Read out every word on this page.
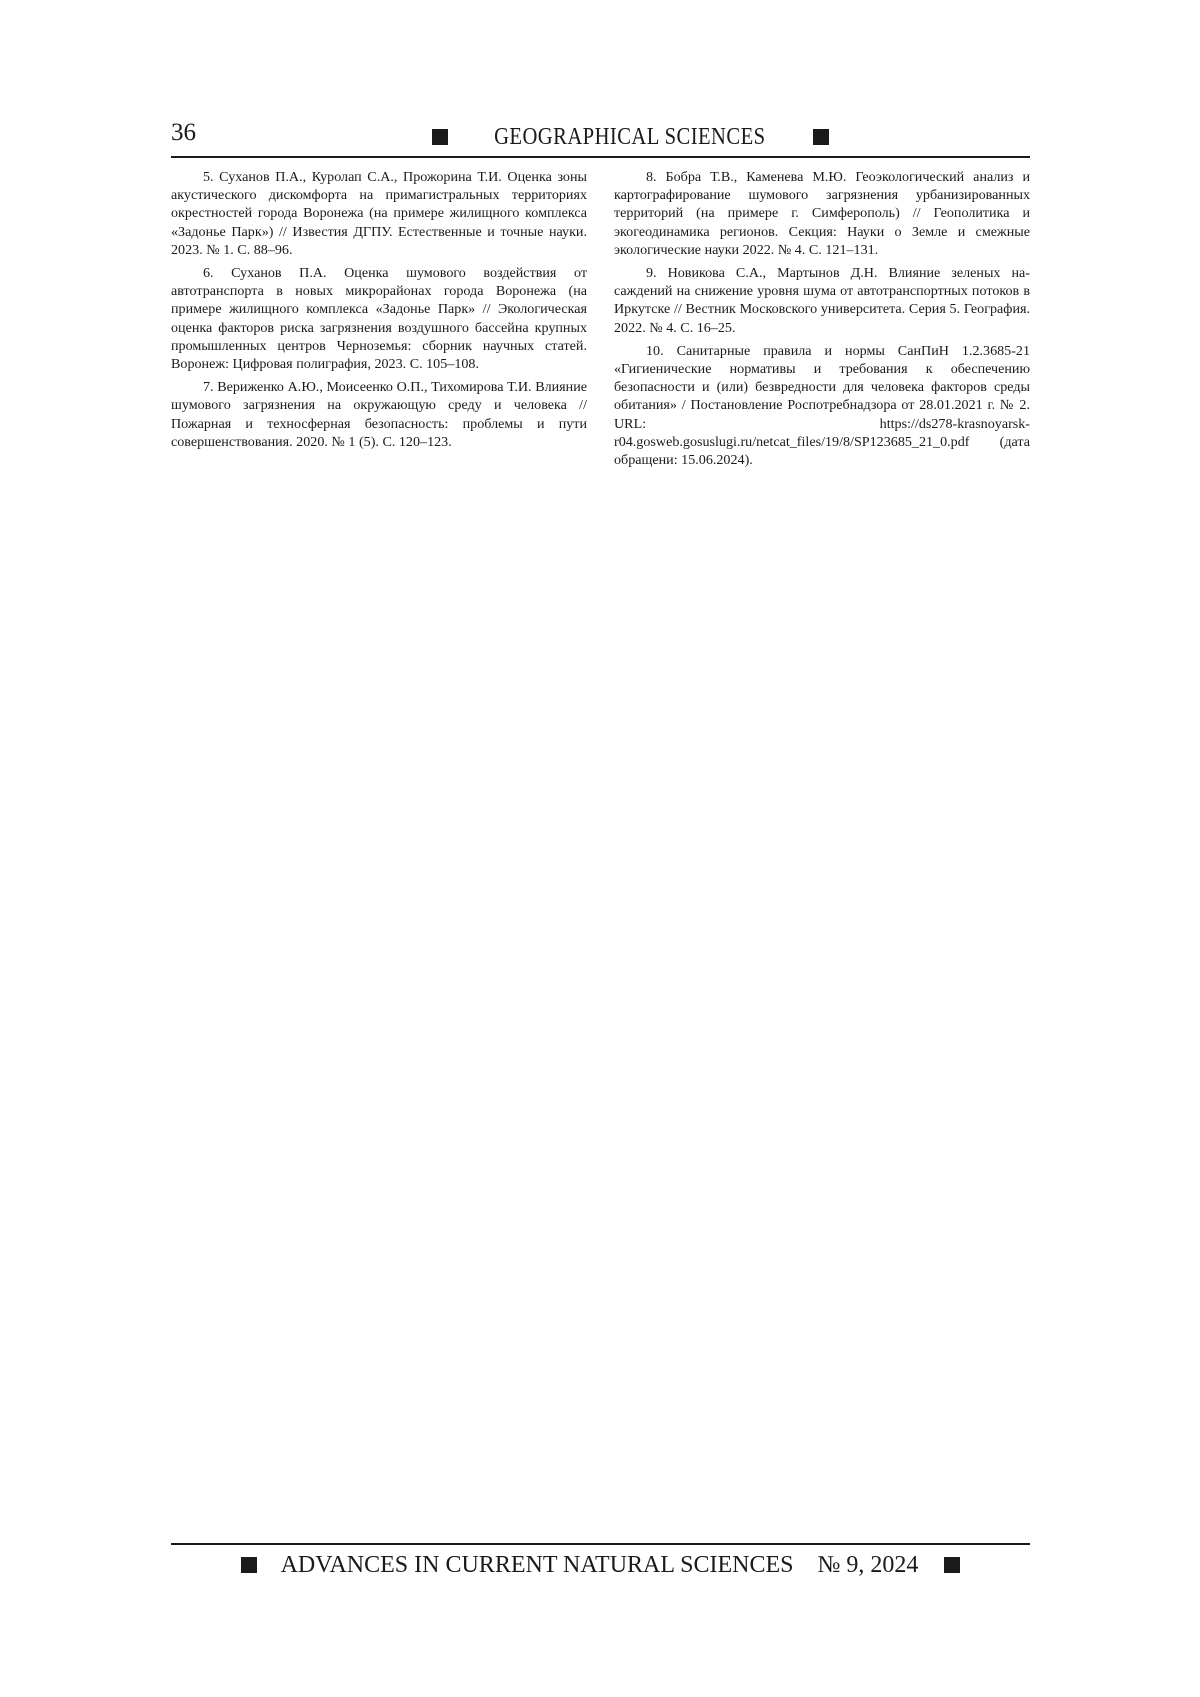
36	GEOGRAPHICAL SCIENCES

5. Суханов П.А., Куролап С.А., Прожорина Т.И. Оценка зоны акустического дискомфорта на примагистральных территориях окрестностей города Воронежа (на примере жилищного комплекса «Задонье Парк») // Известия ДГПУ. Естественные и точные науки. 2023. № 1. С. 88–96.

6. Суханов П.А. Оценка шумового воздействия от автотранспорта в новых микрорайонах города Воронежа (на примере жилищного комплекса «Задонье Парк» // Экологическая оценка факторов риска загрязнения воздушного бассейна крупных промышленных центров Черноземья: сборник научных статей. Воронеж: Цифровая полиграфия, 2023. С. 105–108.

7. Вериженко А.Ю., Моисеенко О.П., Тихомирова Т.И. Влияние шумового загрязнения на окружающую среду и человека // Пожарная и техносферная безопасность: проблемы и пути совершенствования. 2020. № 1 (5). С. 120–123.

8. Бобра Т.В., Каменева М.Ю. Геоэкологический анализ и картографирование шумового загрязнения урбанизированных территорий (на примере г. Симферополь) // Геополитика и экогеодинамика регионов. Секция: Науки о Земле и смежные экологические науки 2022. № 4. С. 121–131.

9. Новикова С.А., Мартынов Д.Н. Влияние зеленых насаждений на снижение уровня шума от автотранспортных потоков в Иркутске // Вестник Московского университета. Серия 5. География. 2022. № 4. С. 16–25.

10. Санитарные правила и нормы СанПиН 1.2.3685-21 «Гигиенические нормативы и требования к обеспечению безопасности и (или) безвредности для человека факторов среды обитания» / Постановление Роспотребнадзора от 28.01.2021 г. № 2. URL: https://ds278-krasnoyarsk-r04.gosweb.gosuslugi.ru/netcat_files/19/8/SP123685_21_0.pdf (дата обращени: 15.06.2024).

ADVANCES IN CURRENT NATURAL SCIENCES № 9, 2024
